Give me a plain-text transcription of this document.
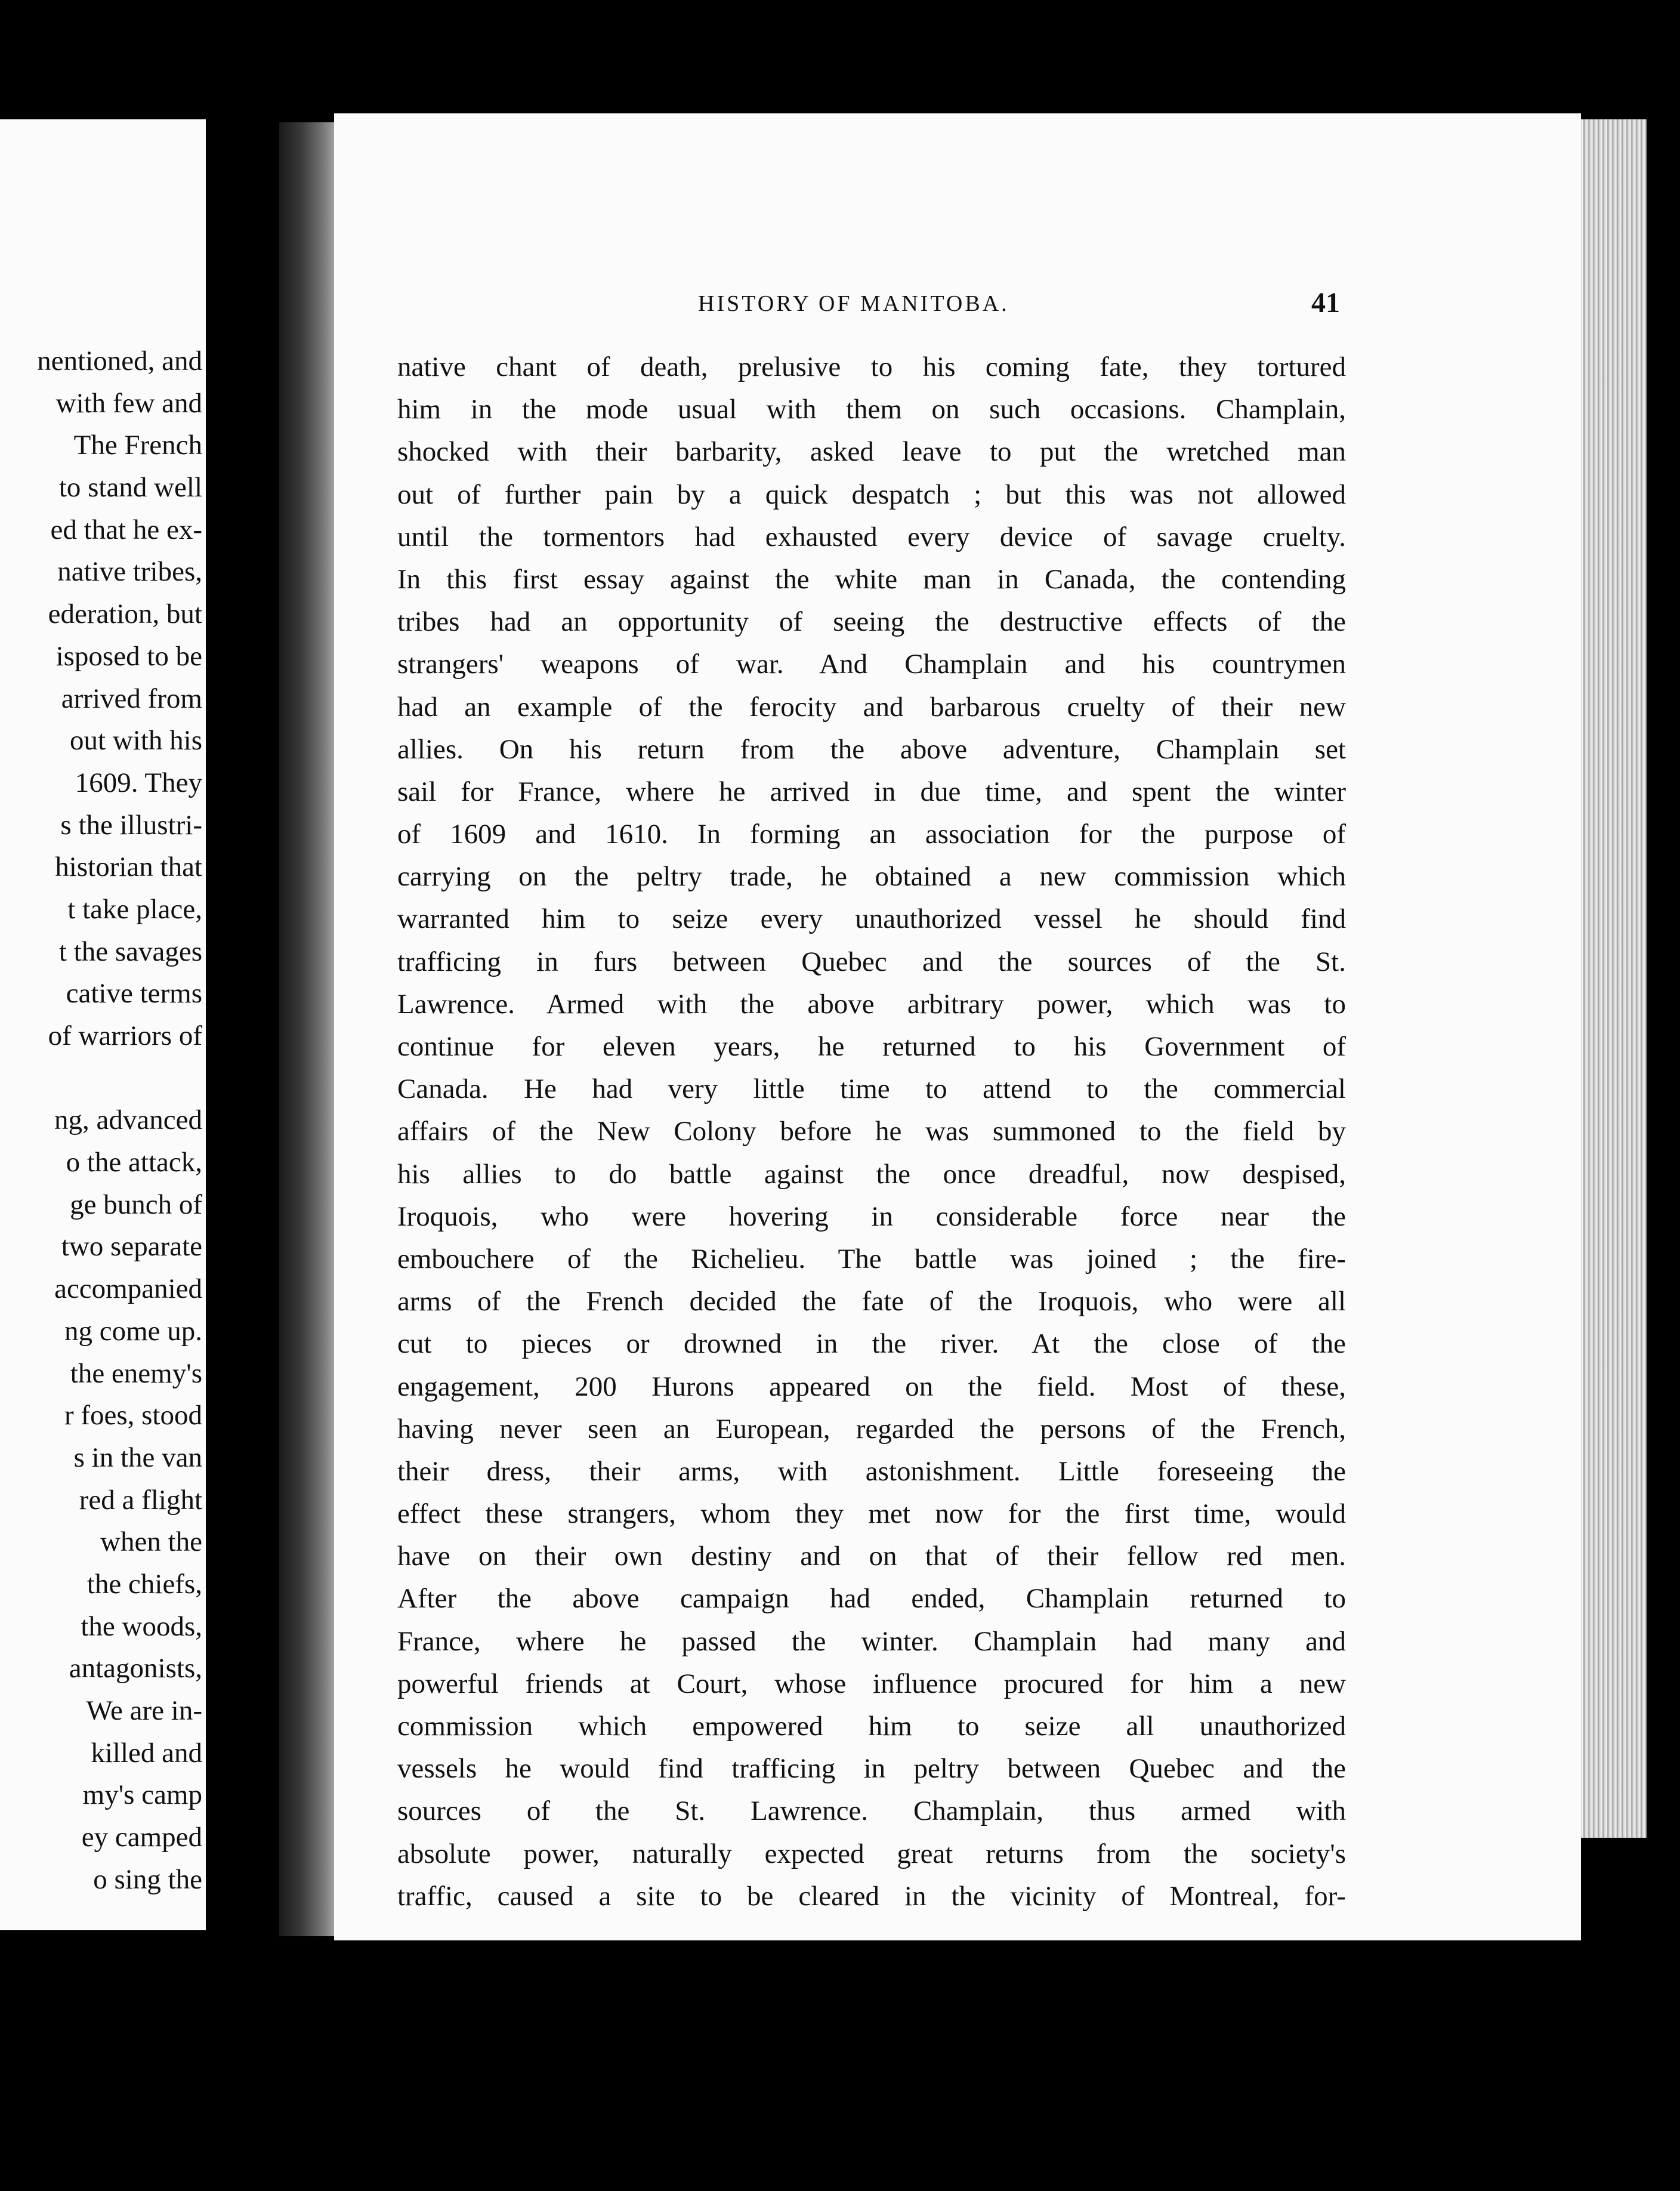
nentioned, and
with few and
The French
to stand well
ed that he ex-
native tribes,
ederation, but
isposed to be
arrived from
out with his
1609. They
s the illustri-
historian that
t take place,
t the savages
cative terms
of warriors of
ng, advanced
o the attack,
ge bunch of
two separate
accompanied
ng come up.
the enemy's
r foes, stood
s in the van
red a flight
when the
the chiefs,
the woods,
antagonists,
We are in-
killed and
my's camp
ey camped
o sing the
HISTORY OF MANITOBA.	41
native chant of death, prelusive to his coming fate, they tortured
him in the mode usual with them on such occasions. Champlain,
shocked with their barbarity, asked leave to put the wretched man
out of further pain by a quick despatch ; but this was not allowed
until the tormentors had exhausted every device of savage cruelty.
In this first essay against the white man in Canada, the contending
tribes had an opportunity of seeing the destructive effects of the
strangers' weapons of war. And Champlain and his countrymen
had an example of the ferocity and barbarous cruelty of their new
allies. On his return from the above adventure, Champlain set
sail for France, where he arrived in due time, and spent the winter
of 1609 and 1610. In forming an association for the purpose of
carrying on the peltry trade, he obtained a new commission which
warranted him to seize every unauthorized vessel he should find
trafficing in furs between Quebec and the sources of the St.
Lawrence. Armed with the above arbitrary power, which was to
continue for eleven years, he returned to his Government of
Canada. He had very little time to attend to the commercial
affairs of the New Colony before he was summoned to the field by
his allies to do battle against the once dreadful, now despised,
Iroquois, who were hovering in considerable force near the
embouchere of the Richelieu. The battle was joined ; the fire-
arms of the French decided the fate of the Iroquois, who were all
cut to pieces or drowned in the river. At the close of the
engagement, 200 Hurons appeared on the field. Most of these,
having never seen an European, regarded the persons of the French,
their dress, their arms, with astonishment. Little foreseeing the
effect these strangers, whom they met now for the first time, would
have on their own destiny and on that of their fellow red men.
After the above campaign had ended, Champlain returned to
France, where he passed the winter. Champlain had many and
powerful friends at Court, whose influence procured for him a new
commission which empowered him to seize all unauthorized
vessels he would find trafficing in peltry between Quebec and the
sources of the St. Lawrence. Champlain, thus armed with
absolute power, naturally expected great returns from the society's
traffic, caused a site to be cleared in the vicinity of Montreal, for-
